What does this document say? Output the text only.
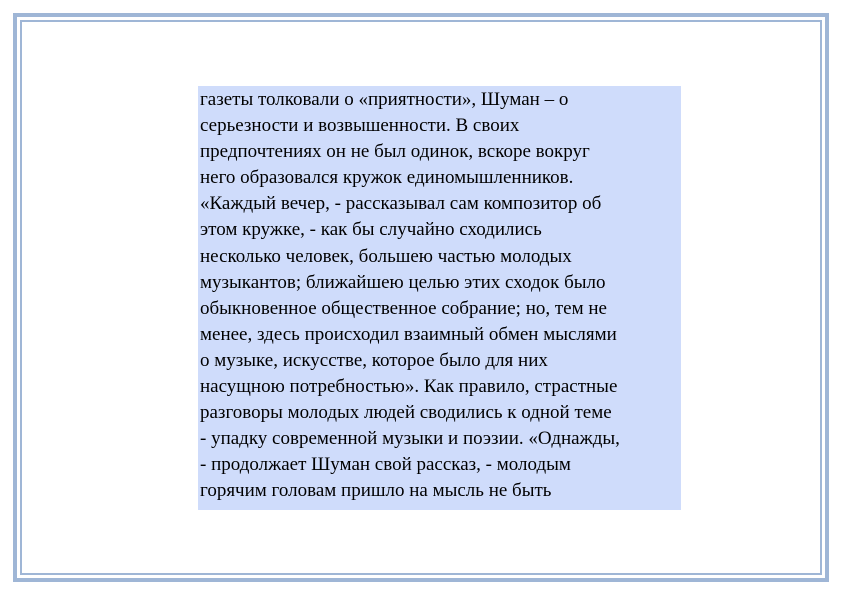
газеты толковали о «приятности», Шуман – о
серьезности и возвышенности. В своих
предпочтениях он не был одинок, вскоре вокруг
него образовался кружок единомышленников.
«Каждый вечер, - рассказывал сам композитор об
этом кружке, - как бы случайно сходились
несколько человек, большею частью молодых
музыкантов; ближайшею целью этих сходок было
обыкновенное общественное собрание; но, тем не
менее, здесь происходил взаимный обмен мыслями
о музыке, искусстве, которое было для них
насущною потребностью». Как правило, страстные
разговоры молодых людей сводились к одной теме
- упадку современной музыки и поэзии. «Однажды,
- продолжает Шуман свой рассказ, - молодым
горячим головам пришло на мысль не быть
